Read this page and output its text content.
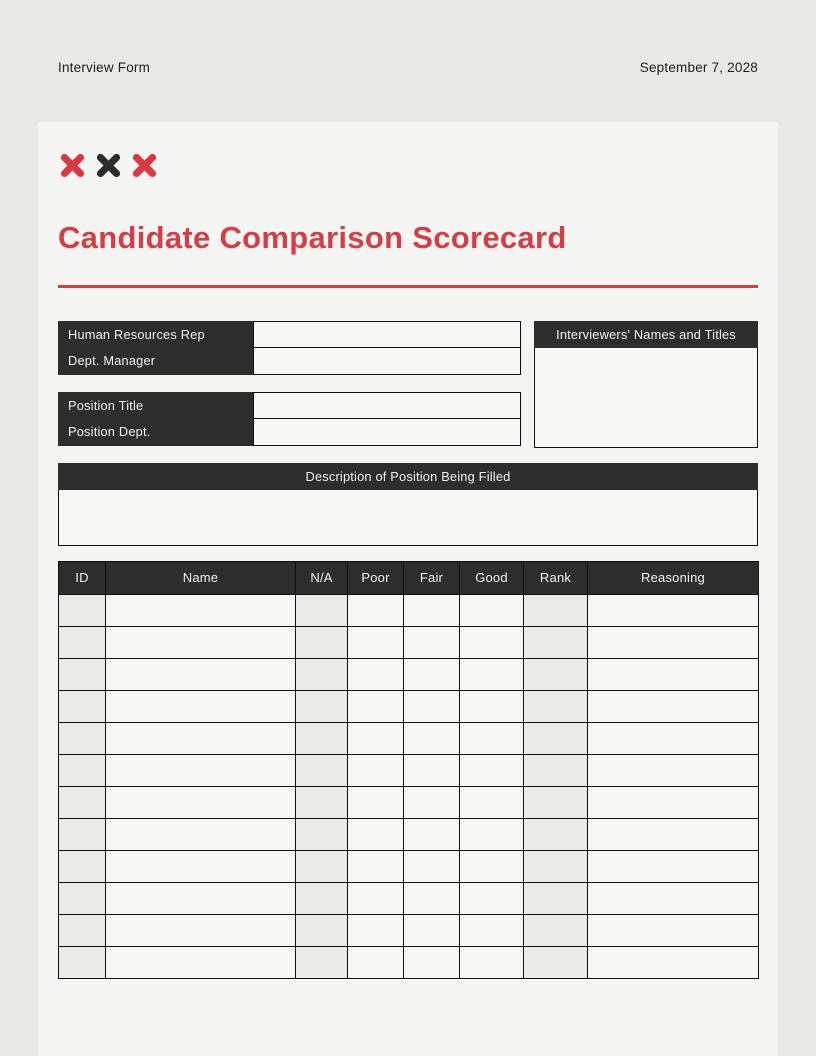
Interview Form	September 7, 2028
Candidate Comparison Scorecard
Human Resources Rep
Dept. Manager
Position Title
Position Dept.
Interviewers' Names and Titles
Description of Position Being Filled
ID	Name	N/A	Poor	Fair	Good	Rank	Reasoning
